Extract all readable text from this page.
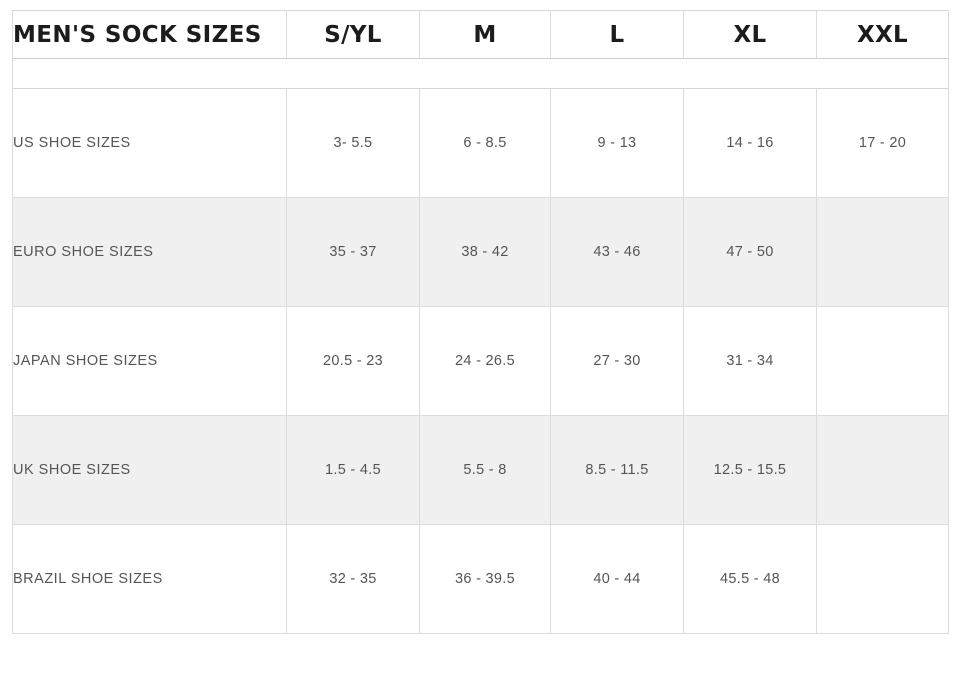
MEN'S SOCK SIZES	S/YL	M	L	XL	XXL

US SHOE SIZES	3- 5.5	6 - 8.5	9 - 13	14 - 16	17 - 20
EURO SHOE SIZES	35 - 37	38 - 42	43 - 46	47 - 50	
JAPAN SHOE SIZES	20.5 - 23	24 - 26.5	27 - 30	31 - 34	
UK SHOE SIZES	1.5 - 4.5	5.5 - 8	8.5 - 11.5	12.5 - 15.5	
BRAZIL SHOE SIZES	32 - 35	36 - 39.5	40 - 44	45.5 - 48	
